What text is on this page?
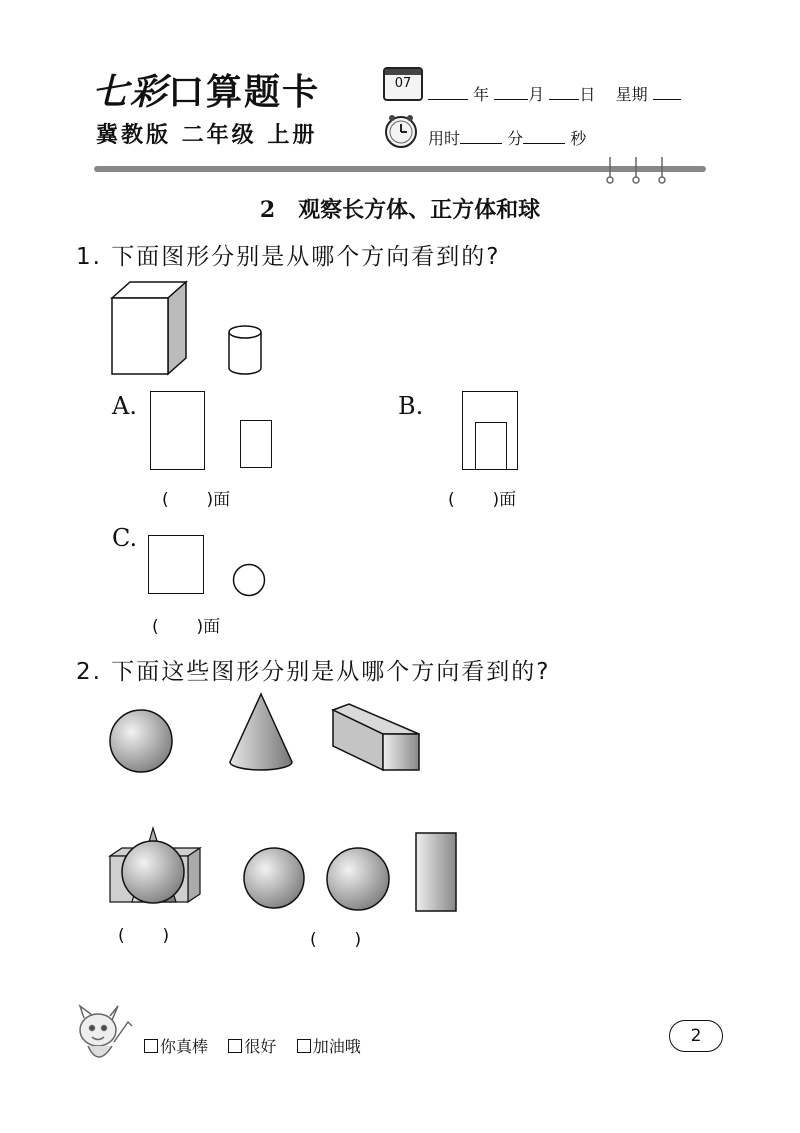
七彩口算题卡
冀教版 二年级 上册
07
年 月 日 星期
用时	分	秒
2   观察长方体、正方体和球
1. 下面图形分别是从哪个方向看到的?
A.
(       )面
B.
(       )面
C.
(       )面
2. 下面这些图形分别是从哪个方向看到的?
(       )	(       )
你真棒 很好 加油哦
2
